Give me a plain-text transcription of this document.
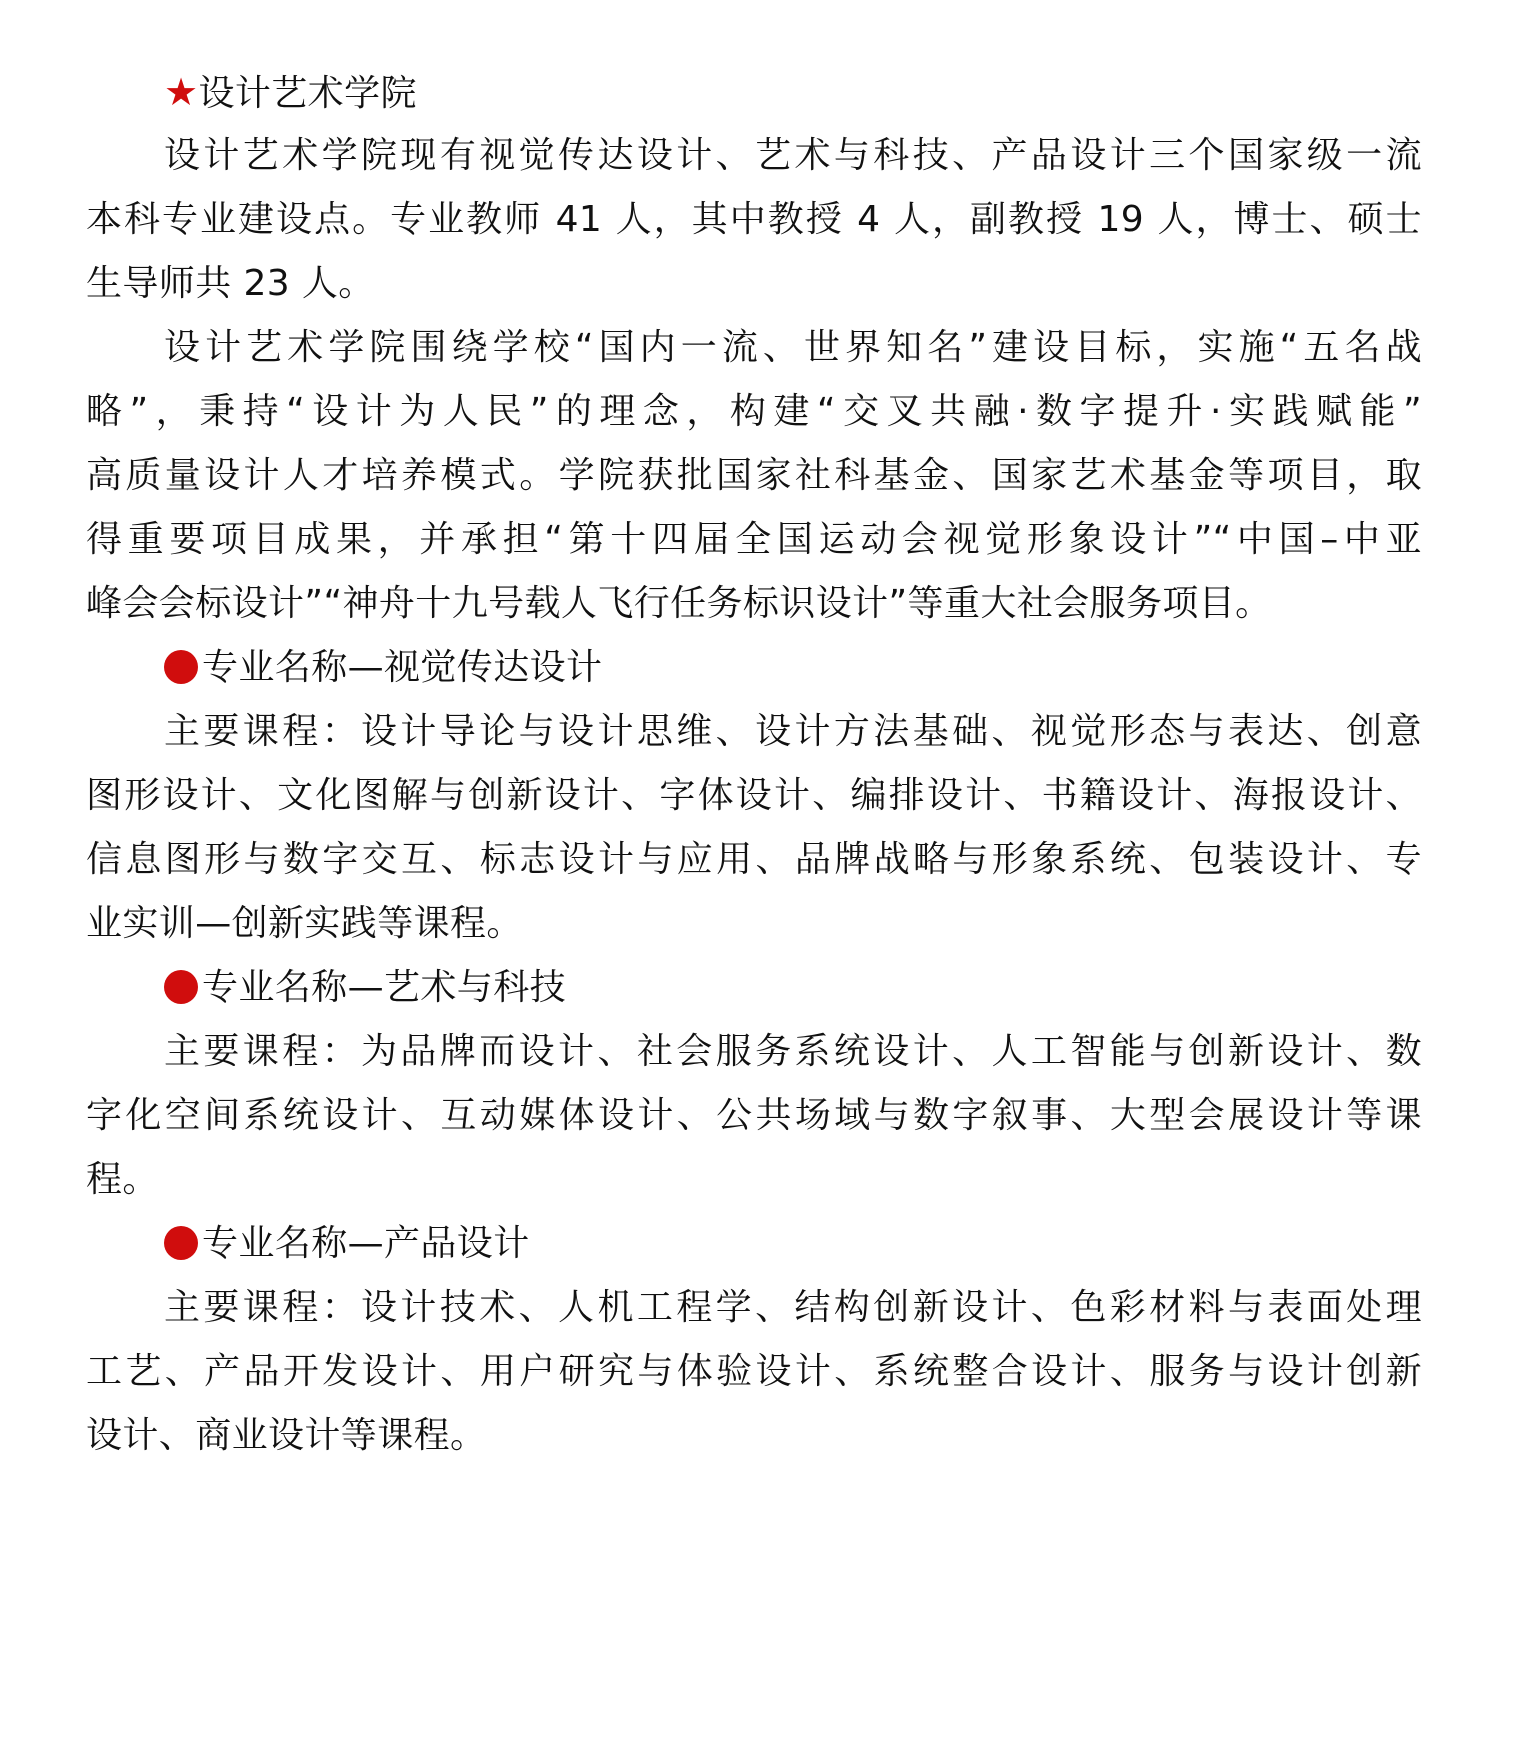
★设计艺术学院
设计艺术学院现有视觉传达设计、艺术与科技、产品设计三个国家级一流
本科专业建设点。专业教师 41 人，其中教授 4 人，副教授 19 人，博士、硕士
生导师共 23 人。
设计艺术学院围绕学校“国内一流、世界知名”建设目标，实施“五名战
略”，秉持“设计为人民”的理念，构建“交叉共融·数字提升·实践赋能”
高质量设计人才培养模式。学院获批国家社科基金、国家艺术基金等项目，取
得重要项目成果，并承担“第十四届全国运动会视觉形象设计”“中国–中亚
峰会会标设计”“神舟十九号载人飞行任务标识设计”等重大社会服务项目。
专业名称—视觉传达设计
主要课程：设计导论与设计思维、设计方法基础、视觉形态与表达、创意
图形设计、文化图解与创新设计、字体设计、编排设计、书籍设计、海报设计、
信息图形与数字交互、标志设计与应用、品牌战略与形象系统、包装设计、专
业实训—创新实践等课程。
专业名称—艺术与科技
主要课程：为品牌而设计、社会服务系统设计、人工智能与创新设计、数
字化空间系统设计、互动媒体设计、公共场域与数字叙事、大型会展设计等课
程。
专业名称—产品设计
主要课程：设计技术、人机工程学、结构创新设计、色彩材料与表面处理
工艺、产品开发设计、用户研究与体验设计、系统整合设计、服务与设计创新
设计、商业设计等课程。
